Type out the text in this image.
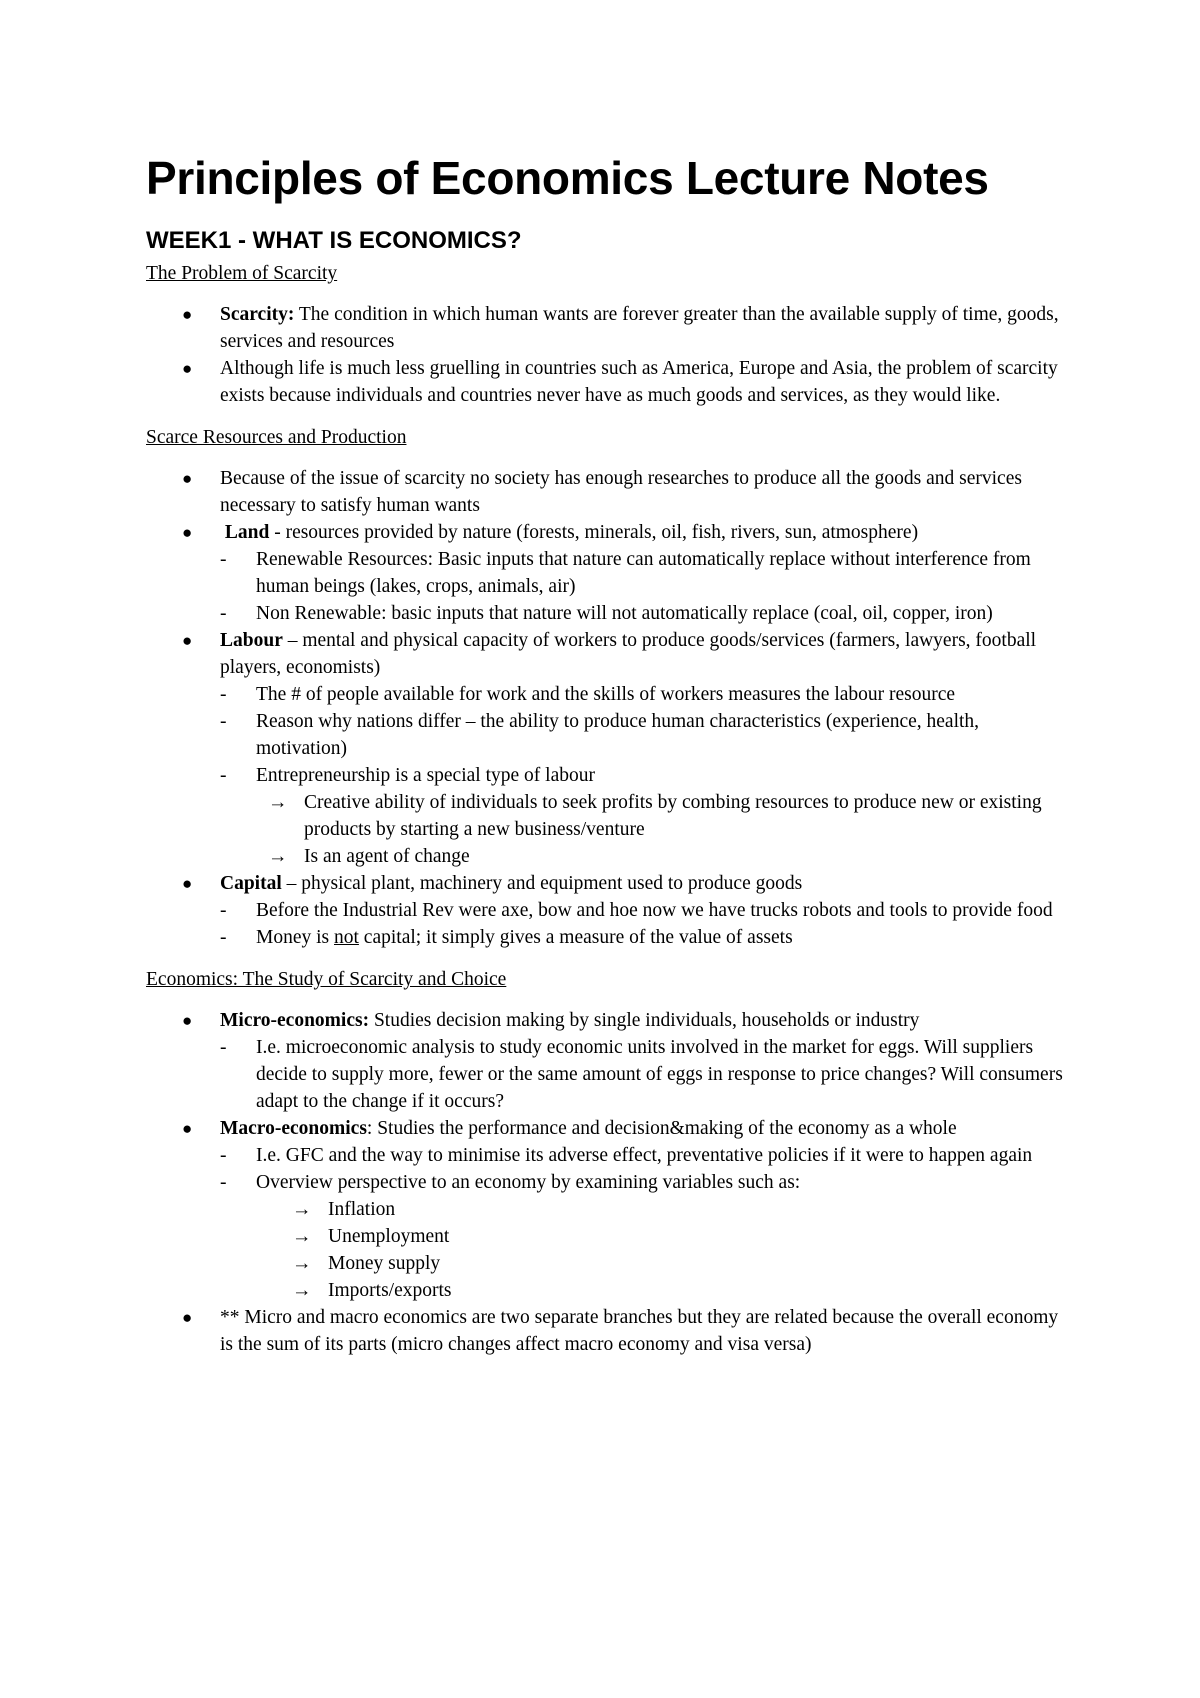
Principles of Economics Lecture Notes
WEEK1 - WHAT IS ECONOMICS?

The Problem of Scarcity

● Scarcity: The condition in which human wants are forever greater than the available supply of time, goods, services and resources
● Although life is much less gruelling in countries such as America, Europe and Asia, the problem of scarcity exists because individuals and countries never have as much goods and services, as they would like.

Scarce Resources and Production

● Because of the issue of scarcity no society has enough researches to produce all the goods and services necessary to satisfy human wants
● Land - resources provided by nature (forests, minerals, oil, fish, rivers, sun, atmosphere)
- Renewable Resources: Basic inputs that nature can automatically replace without interference from human beings (lakes, crops, animals, air)
- Non Renewable: basic inputs that nature will not automatically replace (coal, oil, copper, iron)
● Labour – mental and physical capacity of workers to produce goods/services (farmers, lawyers, football players, economists)
- The # of people available for work and the skills of workers measures the labour resource
- Reason why nations differ – the ability to produce human characteristics (experience, health, motivation)
- Entrepreneurship is a special type of labour
→ Creative ability of individuals to seek profits by combing resources to produce new or existing products by starting a new business/venture
→ Is an agent of change
● Capital – physical plant, machinery and equipment used to produce goods
- Before the Industrial Rev were axe, bow and hoe now we have trucks robots and tools to provide food
- Money is not capital; it simply gives a measure of the value of assets

Economics: The Study of Scarcity and Choice

● Micro-economics: Studies decision making by single individuals, households or industry
- I.e. microeconomic analysis to study economic units involved in the market for eggs. Will suppliers decide to supply more, fewer or the same amount of eggs in response to price changes? Will consumers adapt to the change if it occurs?
● Macro-economics: Studies the performance and decision&making of the economy as a whole
- I.e. GFC and the way to minimise its adverse effect, preventative policies if it were to happen again
- Overview perspective to an economy by examining variables such as:
→ Inflation
→ Unemployment
→ Money supply
→ Imports/exports
● ** Micro and macro economics are two separate branches but they are related because the overall economy is the sum of its parts (micro changes affect macro economy and visa versa)
